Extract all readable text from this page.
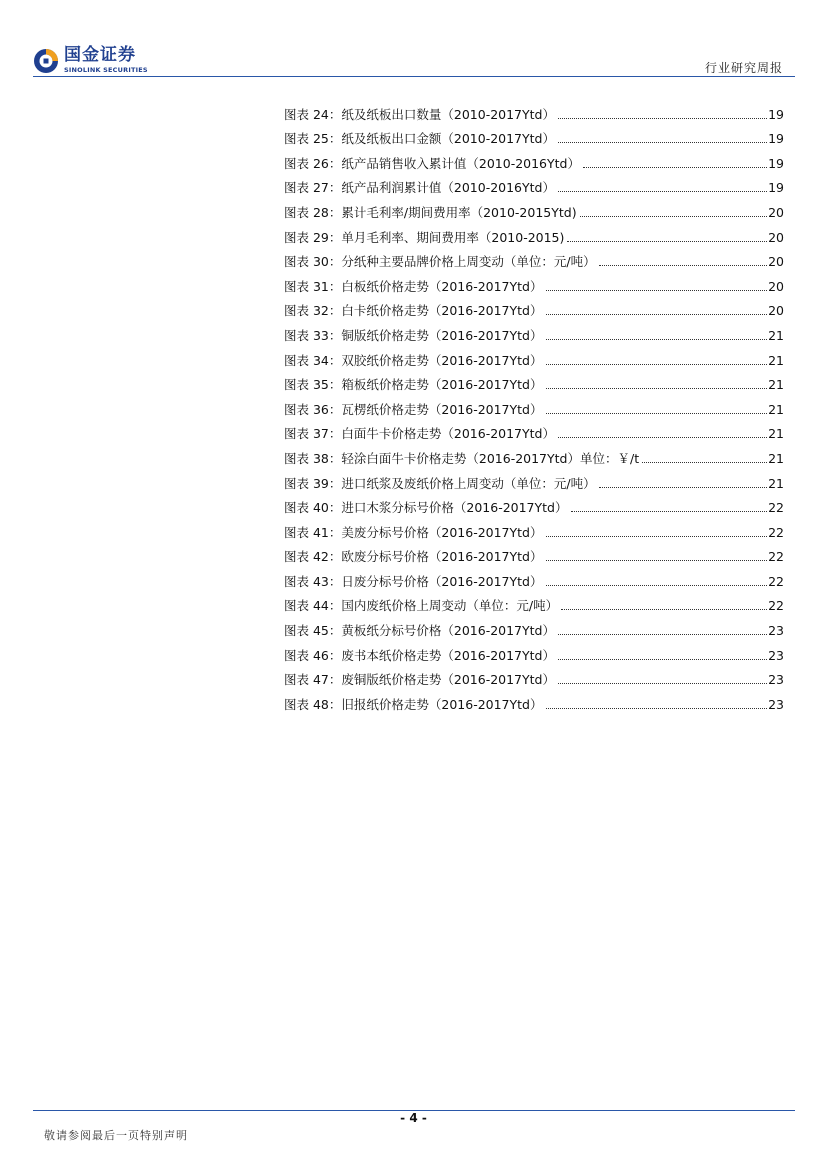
国金证券
SINOLINK SECURITIES	行业研究周报
图表 24：纸及纸板出口数量（2010-2017Ytd）	19
图表 25：纸及纸板出口金额（2010-2017Ytd）	19
图表 26：纸产品销售收入累计值（2010-2016Ytd）	19
图表 27：纸产品利润累计值（2010-2016Ytd）	19
图表 28：累计毛利率/期间费用率（2010-2015Ytd)	20
图表 29：单月毛利率、期间费用率（2010-2015)	20
图表 30：分纸种主要品牌价格上周变动（单位：元/吨）	20
图表 31：白板纸价格走势（2016-2017Ytd）	20
图表 32：白卡纸价格走势（2016-2017Ytd）	20
图表 33：铜版纸价格走势（2016-2017Ytd）	21
图表 34：双胶纸价格走势（2016-2017Ytd）	21
图表 35：箱板纸价格走势（2016-2017Ytd）	21
图表 36：瓦楞纸价格走势（2016-2017Ytd）	21
图表 37：白面牛卡价格走势（2016-2017Ytd）	21
图表 38：轻涂白面牛卡价格走势（2016-2017Ytd）单位：￥/t	21
图表 39：进口纸浆及废纸价格上周变动（单位：元/吨）	21
图表 40：进口木浆分标号价格（2016-2017Ytd）	22
图表 41：美废分标号价格（2016-2017Ytd）	22
图表 42：欧废分标号价格（2016-2017Ytd）	22
图表 43：日废分标号价格（2016-2017Ytd）	22
图表 44：国内废纸价格上周变动（单位：元/吨）	22
图表 45：黄板纸分标号价格（2016-2017Ytd）	23
图表 46：废书本纸价格走势（2016-2017Ytd）	23
图表 47：废铜版纸价格走势（2016-2017Ytd）	23
图表 48：旧报纸价格走势（2016-2017Ytd）	23
- 4 -
敬请参阅最后一页特别声明
